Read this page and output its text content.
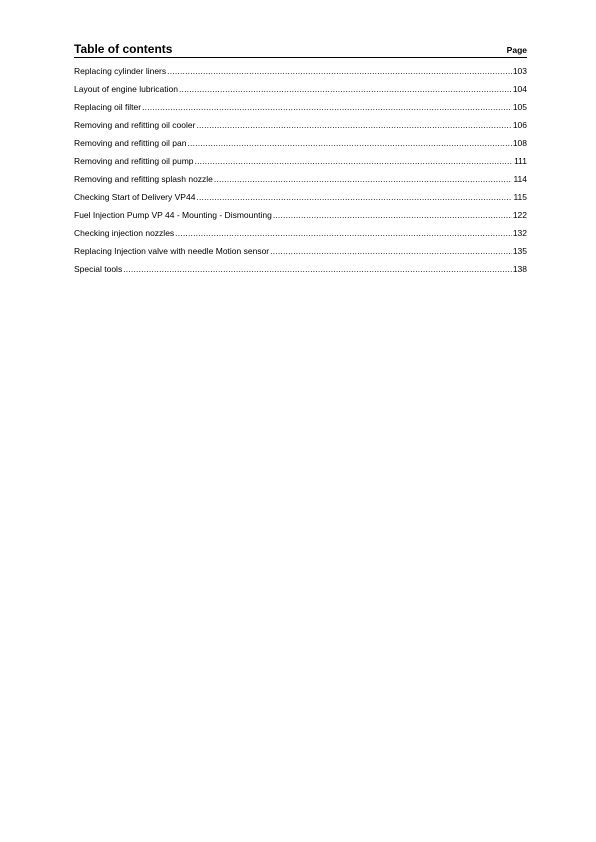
Table of contents	Page
Replacing cylinder liners .....	103
Layout of engine lubrication .....	104
Replacing oil filter .....	105
Removing and refitting oil cooler .....	106
Removing and refitting oil pan .....	108
Removing and refitting oil pump .....	111
Removing and refitting splash nozzle .....	114
Checking Start of Delivery VP44 .....	115
Fuel Injection Pump VP 44 - Mounting - Dismounting .....	122
Checking injection nozzles .....	132
Replacing Injection valve with needle Motion sensor .....	135
Special tools .....	138
